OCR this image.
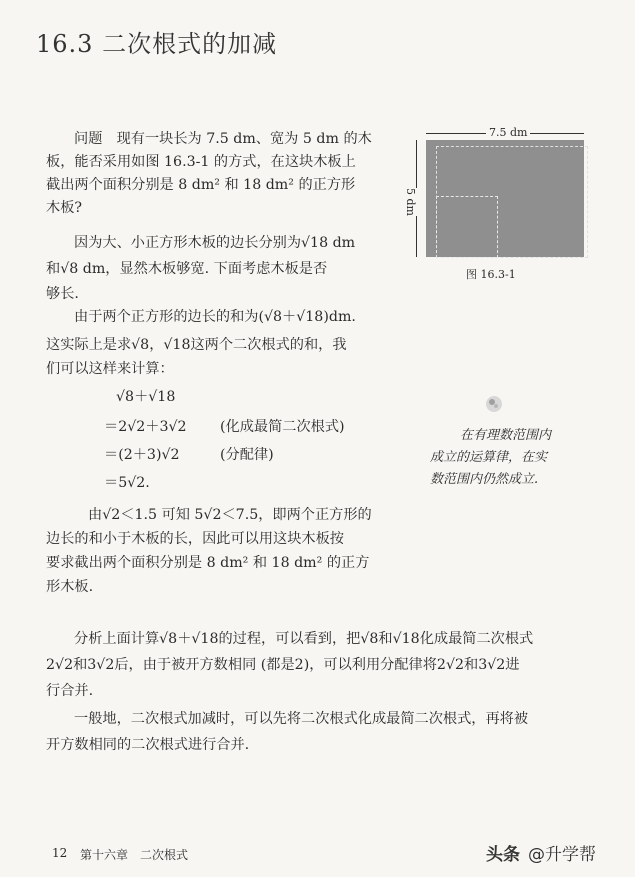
16.3 二次根式的加减
问题　现有一块长为 7.5 dm、宽为 5 dm 的木
板，能否采用如图 16.3-1 的方式，在这块木板上
截出两个面积分别是 8 dm² 和 18 dm² 的正方形
木板?
因为大、小正方形木板的边长分别为√18 dm
和√8 dm，显然木板够宽. 下面考虑木板是否
够长.
由于两个正方形的边长的和为(√8＋√18)dm.
这实际上是求√8，√18这两个二次根式的和，我
们可以这样来计算：
√8＋√18
＝2√2＋3√2 (化成最简二次根式)
＝(2＋3)√2	(分配律)
＝5√2.
由√2＜1.5 可知 5√2＜7.5，即两个正方形的
边长的和小于木板的长，因此可以用这块木板按
要求截出两个面积分别是 8 dm² 和 18 dm² 的正方
形木板.
分析上面计算√8＋√18的过程，可以看到，把√8和√18化成最简二次根式
2√2和3√2后，由于被开方数相同 (都是2)，可以利用分配律将2√2和3√2进
行合并.
一般地，二次根式加减时，可以先将二次根式化成最简二次根式，再将被
开方数相同的二次根式进行合并.
7.5 dm
5 dm
图 16.3-1
在有理数范围内
成立的运算律，在实
数范围内仍然成立.
12 第十六章　二次根式	头条 @升学帮
